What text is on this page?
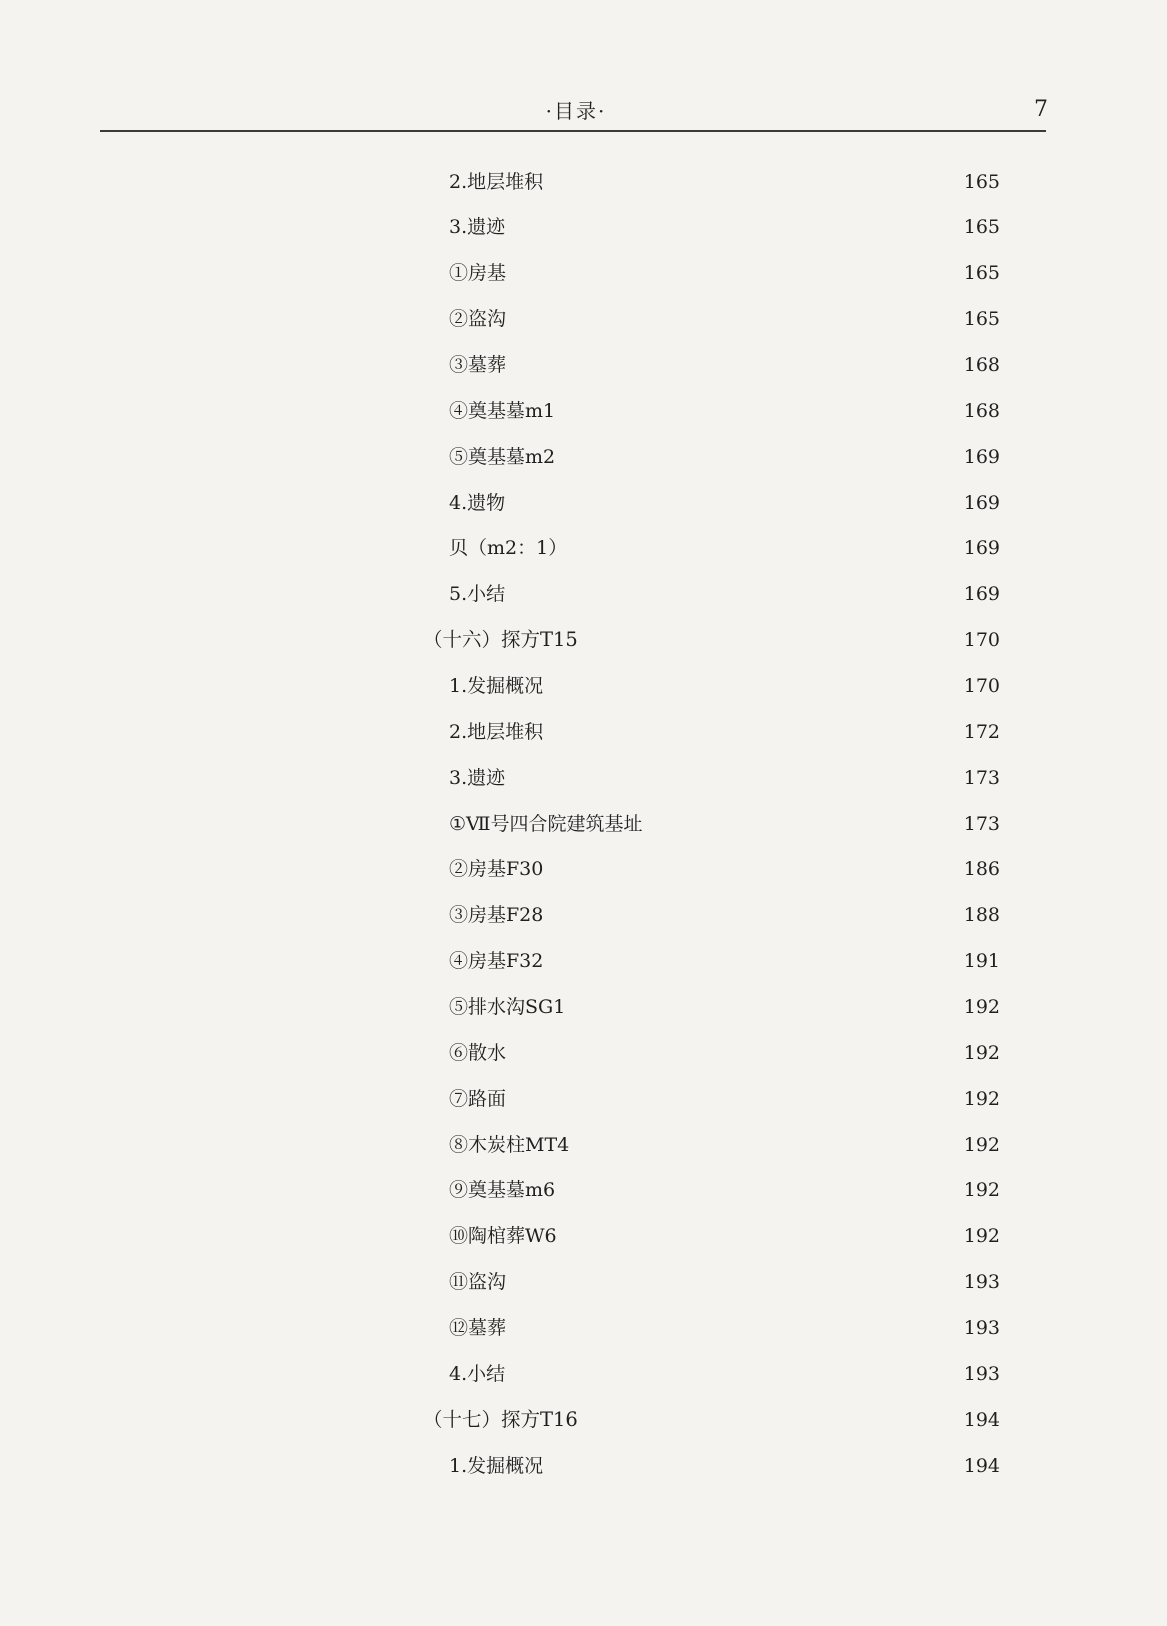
·目录·	7
2.地层堆积	165
3.遗迹	165
①房基	165
②盗沟	165
③墓葬	168
④奠基墓m1	168
⑤奠基墓m2	169
4.遗物	169
贝（m2：1）	169
5.小结	169
（十六）探方T15	170
1.发掘概况	170
2.地层堆积	172
3.遗迹	173
①Ⅶ号四合院建筑基址	173
②房基F30	186
③房基F28	188
④房基F32	191
⑤排水沟SG1	192
⑥散水	192
⑦路面	192
⑧木炭柱MT4	192
⑨奠基墓m6	192
⑩陶棺葬W6	192
⑪盗沟	193
⑫墓葬	193
4.小结	193
（十七）探方T16	194
1.发掘概况	194
